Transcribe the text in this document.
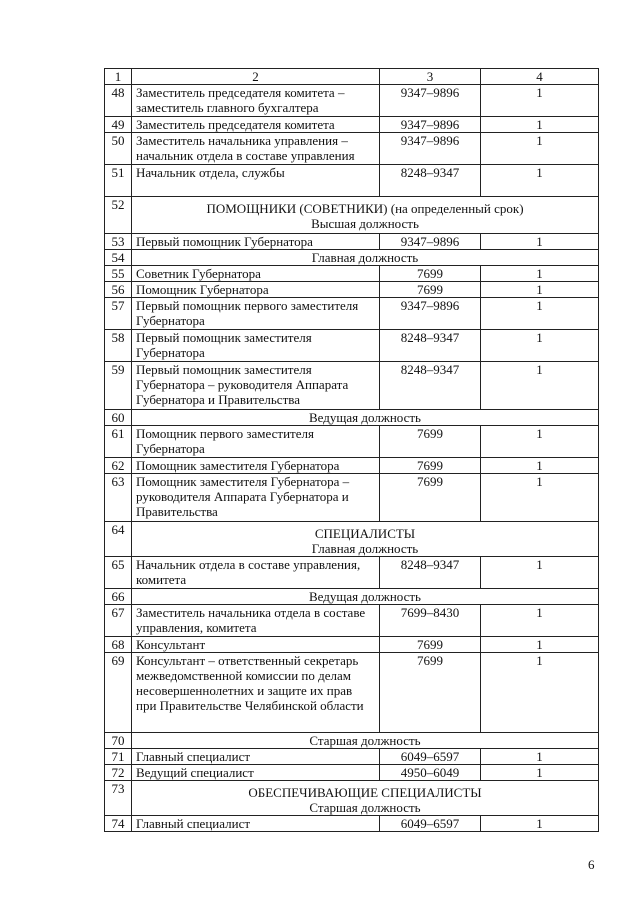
1	2	3	4
48	Заместитель председателя комитета – заместитель главного бухгалтера	9347–9896	1
49	Заместитель председателя комитета	9347–9896	1
50	Заместитель начальника управления – начальник отдела в составе управления	9347–9896	1
51	Начальник отдела, службы	8248–9347	1
52	ПОМОЩНИКИ (СОВЕТНИКИ) (на определенный срок)
Высшая должность		

53	Первый помощник Губернатора	9347–9896	1
54	Главная должность		
55	Советник Губернатора	7699	1
56	Помощник Губернатора	7699	1
57	Первый помощник первого заместителя Губернатора	9347–9896	1
58	Первый помощник заместителя Губернатора	8248–9347	1
59	Первый помощник заместителя Губернатора – руководителя Аппарата Губернатора и Правительства	8248–9347	1
60	Ведущая должность		
61	Помощник первого заместителя Губернатора	7699	1
62	Помощник заместителя Губернатора	7699	1
63	Помощник заместителя Губернатора – руководителя Аппарата Губернатора и Правительства	7699	1
64	СПЕЦИАЛИСТЫ
Главная должность		

65	Начальник отдела в составе управления, комитета	8248–9347	1
66	Ведущая должность		
67	Заместитель начальника отдела в составе управления, комитета	7699–8430	1
68	Консультант	7699	1
69	Консультант – ответственный секретарь межведомственной комиссии по делам несовершеннолетних и защите их прав при Правительстве Челябинской области	7699	1
70	Старшая должность		
71	Главный специалист	6049–6597	1
72	Ведущий специалист	4950–6049	1
73	ОБЕСПЕЧИВАЮЩИЕ СПЕЦИАЛИСТЫ
Старшая должность		

74	Главный специалист	6049–6597	1
6
